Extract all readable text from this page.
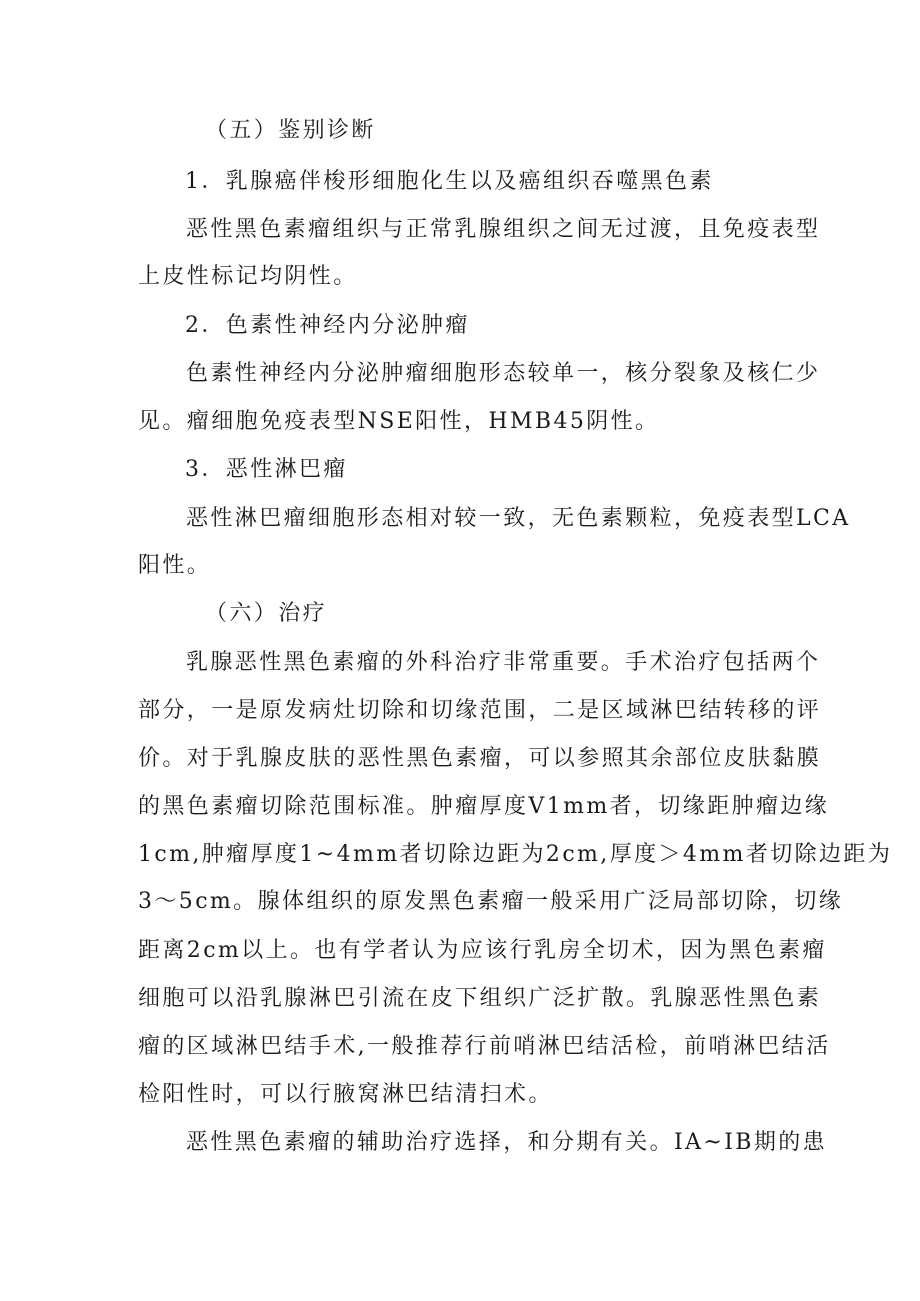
（五）鉴别诊断
1．乳腺癌伴梭形细胞化生以及癌组织吞噬黑色素
恶性黑色素瘤组织与正常乳腺组织之间无过渡，且免疫表型
上皮性标记均阴性。
2．色素性神经内分泌肿瘤
色素性神经内分泌肿瘤细胞形态较单一，核分裂象及核仁少
见。瘤细胞免疫表型NSE阳性，HMB45阴性。
3．恶性淋巴瘤
恶性淋巴瘤细胞形态相对较一致，无色素颗粒，免疫表型LCA
阳性。
（六）治疗
乳腺恶性黑色素瘤的外科治疗非常重要。手术治疗包括两个
部分，一是原发病灶切除和切缘范围，二是区域淋巴结转移的评
价。对于乳腺皮肤的恶性黑色素瘤，可以参照其余部位皮肤黏膜
的黑色素瘤切除范围标准。肿瘤厚度V1mm者，切缘距肿瘤边缘
1cm,肿瘤厚度1~4mm者切除边距为2cm,厚度＞4mm者切除边距为
3～5cm。腺体组织的原发黑色素瘤一般采用广泛局部切除，切缘
距离2cm以上。也有学者认为应该行乳房全切术，因为黑色素瘤
细胞可以沿乳腺淋巴引流在皮下组织广泛扩散。乳腺恶性黑色素
瘤的区域淋巴结手术,一般推荐行前哨淋巴结活检，前哨淋巴结活
检阳性时，可以行腋窝淋巴结清扫术。
恶性黑色素瘤的辅助治疗选择，和分期有关。IA~IB期的患
